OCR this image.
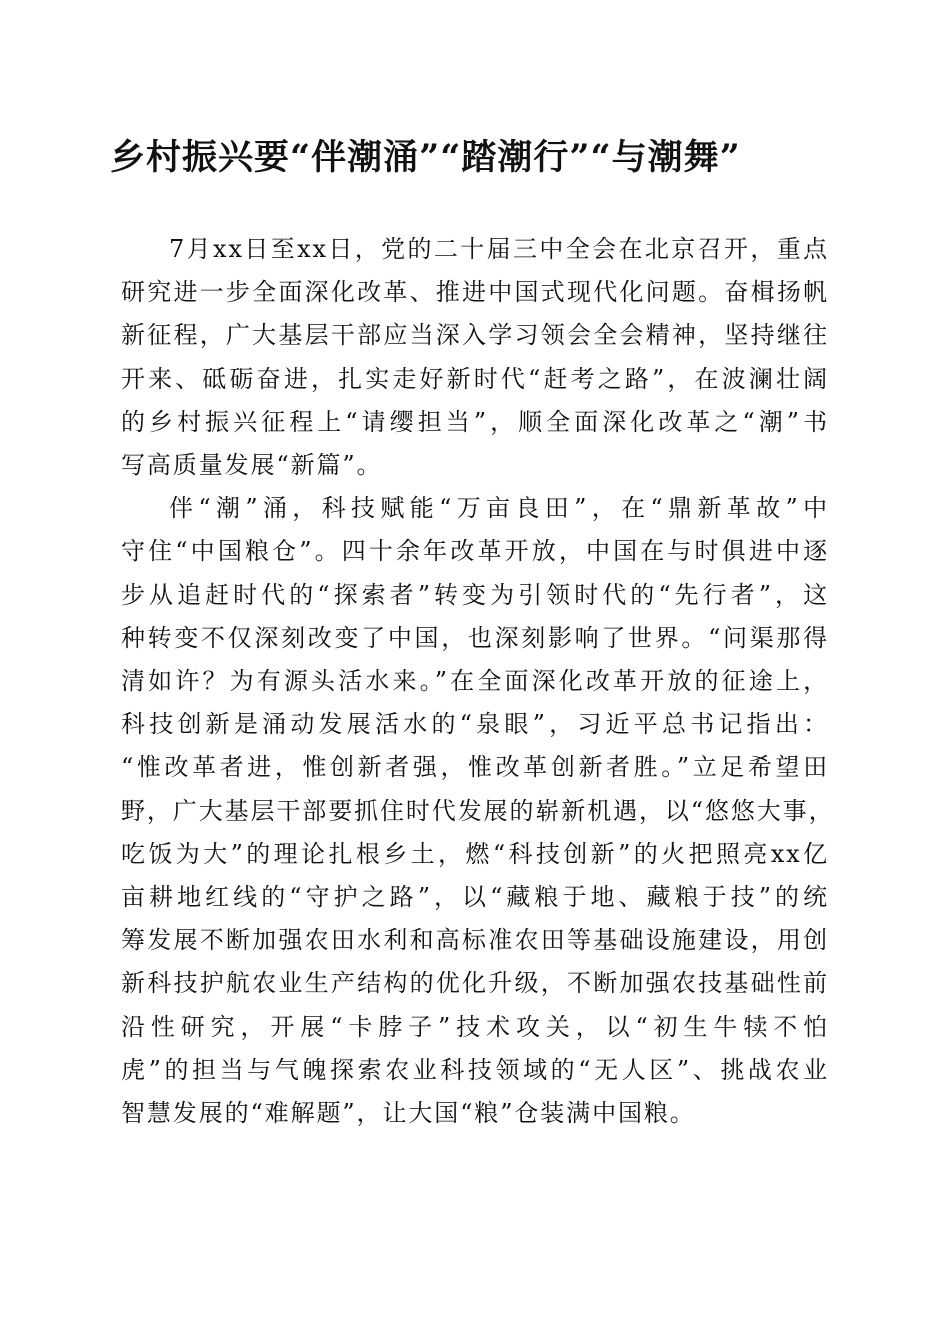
乡村振兴要“伴潮涌”“踏潮行”“与潮舞”

7月xx日至xx日，党的二十届三中全会在北京召开，重点
研究进一步全面深化改革、推进中国式现代化问题。奋楫扬帆
新征程，广大基层干部应当深入学习领会全会精神，坚持继往
开来、砥砺奋进，扎实走好新时代“赶考之路”，在波澜壮阔
的乡村振兴征程上“请缨担当”，顺全面深化改革之“潮”书
写高质量发展“新篇”。

伴“潮”涌，科技赋能“万亩良田”，在“鼎新革故”中
守住“中国粮仓”。四十余年改革开放，中国在与时俱进中逐
步从追赶时代的“探索者”转变为引领时代的“先行者”，这
种转变不仅深刻改变了中国，也深刻影响了世界。“问渠那得
清如许？为有源头活水来。”在全面深化改革开放的征途上，
科技创新是涌动发展活水的“泉眼”，习近平总书记指出：
“惟改革者进，惟创新者强，惟改革创新者胜。”立足希望田
野，广大基层干部要抓住时代发展的崭新机遇，以“悠悠大事，
吃饭为大”的理论扎根乡土，燃“科技创新”的火把照亮xx亿
亩耕地红线的“守护之路”，以“藏粮于地、藏粮于技”的统
筹发展不断加强农田水利和高标准农田等基础设施建设，用创
新科技护航农业生产结构的优化升级，不断加强农技基础性前
沿性研究，开展“卡脖子”技术攻关，以“初生牛犊不怕
虎”的担当与气魄探索农业科技领域的“无人区”、挑战农业
智慧发展的“难解题”，让大国“粮”仓装满中国粮。
